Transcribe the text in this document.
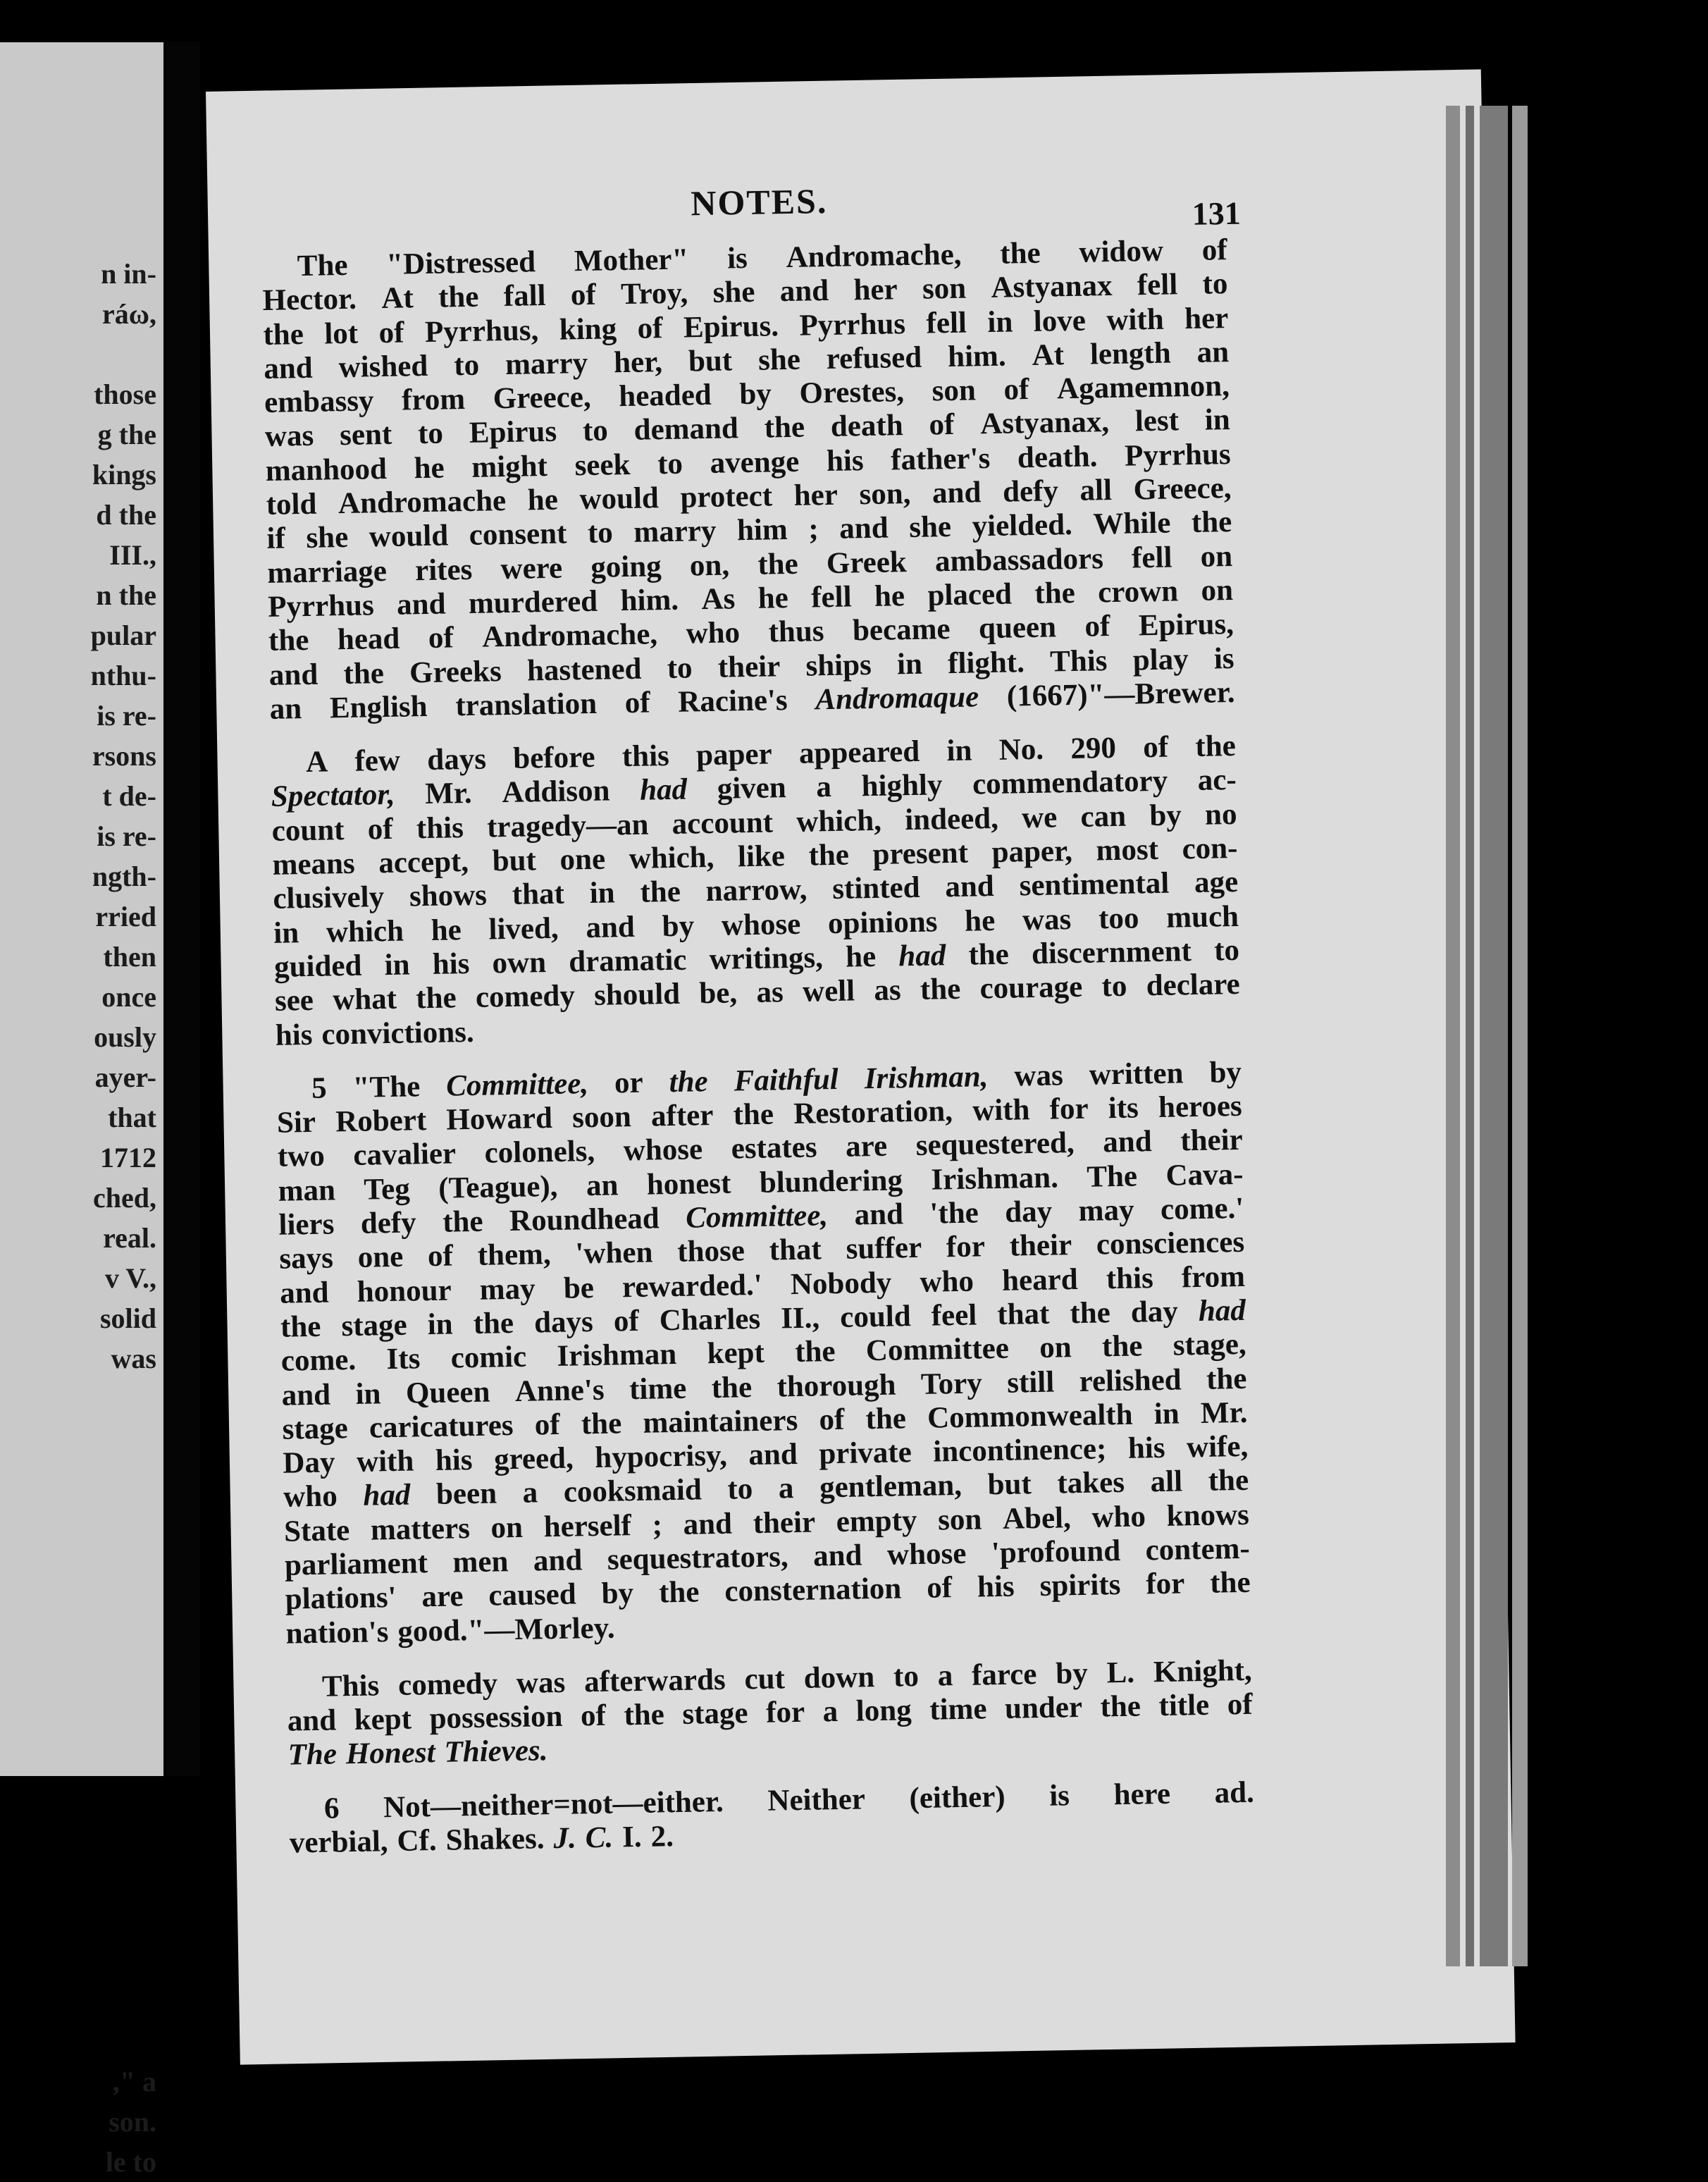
n in-
ráω,
those
g the
kings
d the
III.,
n the
pular
nthu-
is re-
rsons
t de-
is re-
ngth-
rried
then
once
ously
ayer-
that
1712
ched,
real.
v V.,
solid
was
," a
son.
le to
NOTES.	131
The "Distressed Mother" is Andromache, the widow of
Hector. At the fall of Troy, she and her son Astyanax fell to
the lot of Pyrrhus, king of Epirus. Pyrrhus fell in love with her
and wished to marry her, but she refused him. At length an
embassy from Greece, headed by Orestes, son of Agamemnon,
was sent to Epirus to demand the death of Astyanax, lest in
manhood he might seek to avenge his father's death. Pyrrhus
told Andromache he would protect her son, and defy all Greece,
if she would consent to marry him ; and she yielded. While the
marriage rites were going on, the Greek ambassadors fell on
Pyrrhus and murdered him. As he fell he placed the crown on
the head of Andromache, who thus became queen of Epirus,
and the Greeks hastened to their ships in flight. This play is
an English translation of Racine's Andromaque (1667)"—Brewer.
A few days before this paper appeared in No. 290 of the
Spectator, Mr. Addison had given a highly commendatory ac-
count of this tragedy—an account which, indeed, we can by no
means accept, but one which, like the present paper, most con-
clusively shows that in the narrow, stinted and sentimental age
in which he lived, and by whose opinions he was too much
guided in his own dramatic writings, he had the discernment to
see what the comedy should be, as well as the courage to declare
his convictions.
5 "The Committee, or the Faithful Irishman, was written by
Sir Robert Howard soon after the Restoration, with for its heroes
two cavalier colonels, whose estates are sequestered, and their
man Teg (Teague), an honest blundering Irishman. The Cava-
liers defy the Roundhead Committee, and 'the day may come.'
says one of them, 'when those that suffer for their consciences
and honour may be rewarded.' Nobody who heard this from
the stage in the days of Charles II., could feel that the day had
come. Its comic Irishman kept the Committee on the stage,
and in Queen Anne's time the thorough Tory still relished the
stage caricatures of the maintainers of the Commonwealth in Mr.
Day with his greed, hypocrisy, and private incontinence; his wife,
who had been a cooksmaid to a gentleman, but takes all the
State matters on herself ; and their empty son Abel, who knows
parliament men and sequestrators, and whose 'profound contem-
plations' are caused by the consternation of his spirits for the
nation's good."—Morley.
This comedy was afterwards cut down to a farce by L. Knight,
and kept possession of the stage for a long time under the title of
The Honest Thieves.
6 Not—neither=not—either. Neither (either) is here ad.
verbial, Cf. Shakes. J. C. I. 2.
